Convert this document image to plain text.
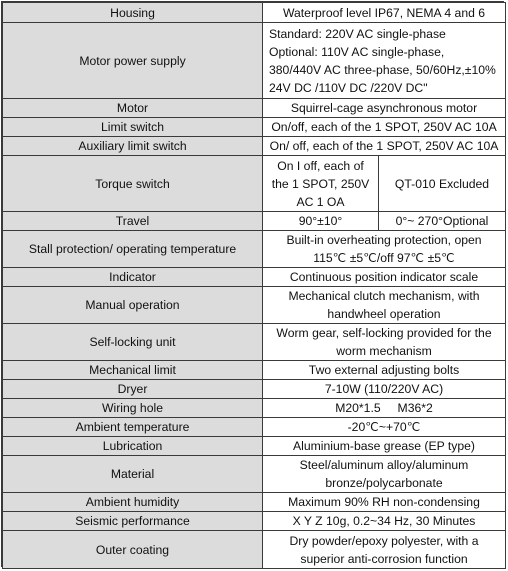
Housing	Waterproof level IP67, NEMA 4 and 6	
Motor power supply	Standard: 220V AC single-phase
Optional: 110V AC single-phase,
380/440V AC three-phase, 50/60Hz,±10%
24V DC /110V DC /220V DC"	

Motor	Squirrel-cage asynchronous motor	
Limit switch	On/off, each of the 1 SPOT, 250V AC 10A	
Auxiliary limit switch	On/ off, each of the 1 SPOT, 250V AC 10A	
Torque switch	On I off, each of
the 1 SPOT, 250V
AC 1 OA	QT-010 Excluded
Travel	90°±10°	0°~ 270°Optional
Stall protection/ operating temperature	Built-in overheating protection, open
115℃ ±5℃/off 97℃ ±5℃	

Indicator	Continuous position indicator scale	
Manual operation	Mechanical clutch mechanism, with
handwheel operation	

Self-locking unit	Worm gear, self-locking provided for the
worm mechanism	

Mechanical limit	Two external adjusting bolts	
Dryer	7-10W (110/220V AC)	
Wiring hole	M20*1.5     M36*2	
Ambient temperature	-20℃~+70℃	
Lubrication	Aluminium-base grease (EP type)	
Material	Steel/aluminum alloy/aluminum
bronze/polycarbonate	

Ambient humidity	Maximum 90% RH non-condensing	
Seismic performance	X Y Z 10g, 0.2~34 Hz, 30 Minutes	
Outer coating	Dry powder/epoxy polyester, with a
superior anti-corrosion function	
